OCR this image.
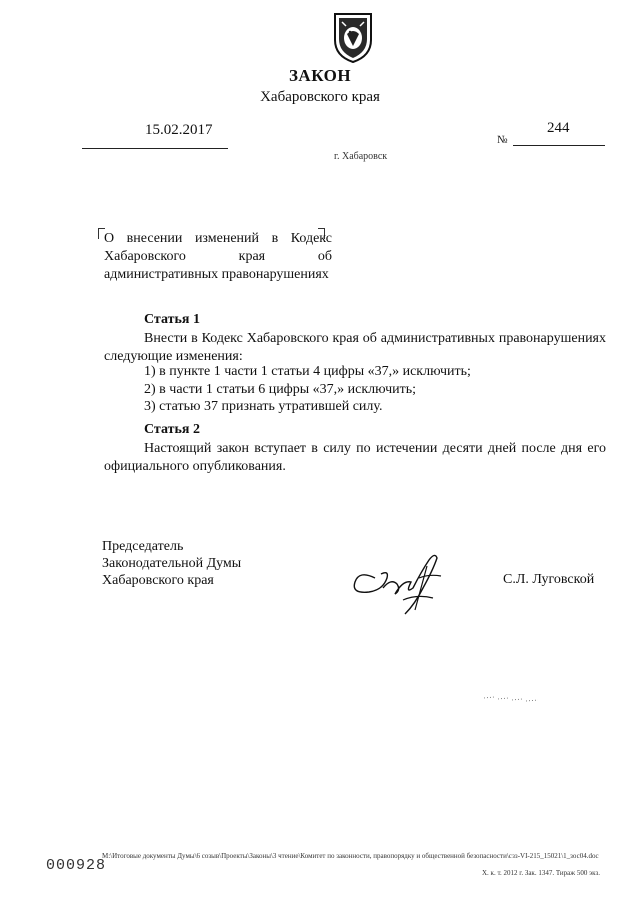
ЗАКОН
Хабаровского края
15.02.2017
№
244
г. Хабаровск
О внесении изменений в Кодекс
Хабаровского	края	об
административных правонарушениях
Статья 1
Внести в Кодекс Хабаровского края об административных правонарушениях следующие изменения:
1) в пункте 1 части 1 статьи 4 цифры «37,» исключить;
2) в части 1 статьи 6 цифры «37,» исключить;
3) статью 37 признать утратившей силу.
Статья 2
Настоящий закон вступает в силу по истечении десяти дней после дня его официального опубликования.
Председатель
Законодательной Думы
Хабаровского края	С.Л. Луговской
М:\Итоговые документы Думы\6 созыв\Проекты\Законы\3 чтение\Комитет по законности, правопорядку и общественной безопасности\сзз-VI-215_15021\1_зос04.doc
000928	Х. к. т. 2012 г. Зак. 1347. Тираж 500 экз.
